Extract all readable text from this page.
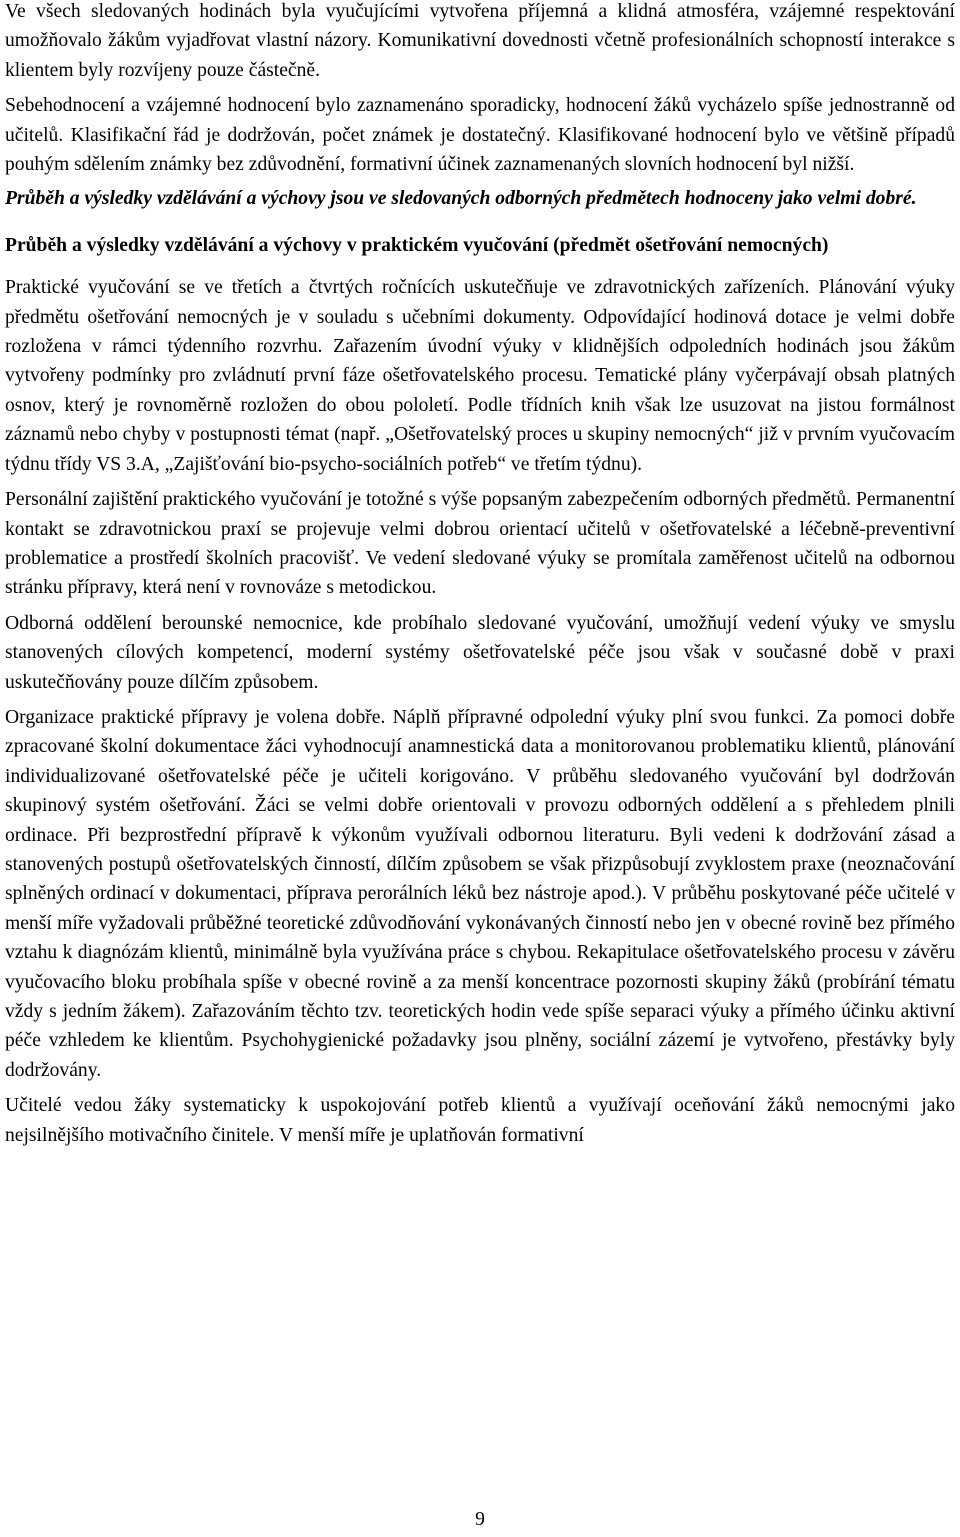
Ve všech sledovaných hodinách byla vyučujícími vytvořena příjemná a klidná atmosféra, vzájemné respektování umožňovalo žákům vyjadřovat vlastní názory. Komunikativní dovednosti včetně profesionálních schopností interakce s klientem byly rozvíjeny pouze částečně.

Sebehodnocení a vzájemné hodnocení bylo zaznamenáno sporadicky, hodnocení žáků vycházelo spíše jednostranně od učitelů. Klasifikační řád je dodržován, počet známek je dostatečný. Klasifikované hodnocení bylo ve většině případů pouhým sdělením známky bez zdůvodnění, formativní účinek zaznamenaných slovních hodnocení byl nižší.

Průběh a výsledky vzdělávání a výchovy jsou ve sledovaných odborných předmětech hodnoceny jako velmi dobré.

Průběh a výsledky vzdělávání a výchovy v praktickém vyučování (předmět ošetřování nemocných)

Praktické vyučování se ve třetích a čtvrtých ročnících uskutečňuje ve zdravotnických zařízeních. Plánování výuky předmětu ošetřování nemocných je v souladu s učebními dokumenty. Odpovídající hodinová dotace je velmi dobře rozložena v rámci týdenního rozvrhu. Zařazením úvodní výuky v klidnějších odpoledních hodinách jsou žákům vytvořeny podmínky pro zvládnutí první fáze ošetřovatelského procesu. Tematické plány vyčerpávají obsah platných osnov, který je rovnoměrně rozložen do obou pololetí. Podle třídních knih však lze usuzovat na jistou formálnost záznamů nebo chyby v postupnosti témat (např. „Ošetřovatelský proces u skupiny nemocných“ již v prvním vyučovacím týdnu třídy VS 3.A, „Zajišťování bio-psycho-sociálních potřeb“ ve třetím týdnu).

Personální zajištění praktického vyučování je totožné s výše popsaným zabezpečením odborných předmětů. Permanentní kontakt se zdravotnickou praxí se projevuje velmi dobrou orientací učitelů v ošetřovatelské a léčebně-preventivní problematice a prostředí školních pracovišť. Ve vedení sledované výuky se promítala zaměřenost učitelů na odbornou stránku přípravy, která není v rovnováze s metodickou.

Odborná oddělení berounské nemocnice, kde probíhalo sledované vyučování, umožňují vedení výuky ve smyslu stanovených cílových kompetencí, moderní systémy ošetřovatelské péče jsou však v současné době v praxi uskutečňovány pouze dílčím způsobem.

Organizace praktické přípravy je volena dobře. Náplň přípravné odpolední výuky plní svou funkci. Za pomoci dobře zpracované školní dokumentace žáci vyhodnocují anamnestická data a monitorovanou problematiku klientů, plánování individualizované ošetřovatelské péče je učiteli korigováno. V průběhu sledovaného vyučování byl dodržován skupinový systém ošetřování. Žáci se velmi dobře orientovali v provozu odborných oddělení a s přehledem plnili ordinace. Při bezprostřední přípravě k výkonům využívali odbornou literaturu. Byli vedeni k dodržování zásad a stanovených postupů ošetřovatelských činností, dílčím způsobem se však přizpůsobují zvyklostem praxe (neoznačování splněných ordinací v dokumentaci, příprava perorálních léků bez nástroje apod.). V průběhu poskytované péče učitelé v menší míře vyžadovali průběžné teoretické zdůvodňování vykonávaných činností nebo jen v obecné rovině bez přímého vztahu k diagnózám klientů, minimálně byla využívána práce s chybou. Rekapitulace ošetřovatelského procesu v závěru vyučovacího bloku probíhala spíše v obecné rovině a za menší koncentrace pozornosti skupiny žáků (probírání tématu vždy s jedním žákem). Zařazováním těchto tzv. teoretických hodin vede spíše separaci výuky a přímého účinku aktivní péče vzhledem ke klientům. Psychohygienické požadavky jsou plněny, sociální zázemí je vytvořeno, přestávky byly dodržovány.

Učitelé vedou žáky systematicky k uspokojování potřeb klientů a využívají oceňování žáků nemocnými jako nejsilnějšího motivačního činitele. V menší míře je uplatňován formativní

9
